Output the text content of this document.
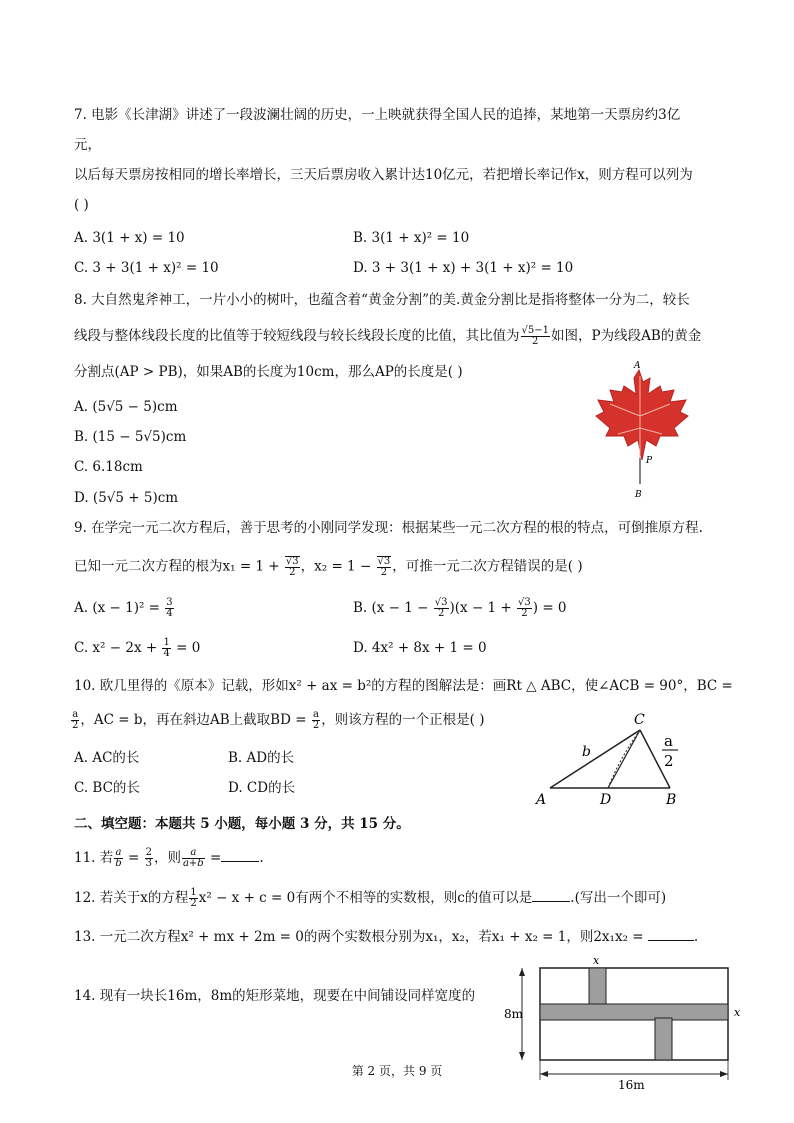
7. 电影《长津湖》讲述了一段波澜壮阔的历史，一上映就获得全国人民的追捧，某地第一天票房约3亿
元，
以后每天票房按相同的增长率增长，三天后票房收入累计达10亿元，若把增长率记作x，则方程可以列为
( )
A. 3(1 + x) = 10	B. 3(1 + x)² = 10
C. 3 + 3(1 + x)² = 10	D. 3 + 3(1 + x) + 3(1 + x)² = 10
8. 大自然鬼斧神工，一片小小的树叶，也蕴含着“黄金分割”的美.黄金分割比是指将整体一分为二，较长
线段与整体线段长度的比值等于较短线段与较长线段长度的比值，其比值为 $\frac{√5-1}{2}$ 如图，P为线段AB的黄金
分割点(AP > PB)，如果AB的长度为10cm，那么AP的长度是( )
A. (5√5 − 5)cm
B. (15 − 5√5)cm
C. 6.18cm
D. (5√5 + 5)cm
A
P
B
9. 在学完一元二次方程后，善于思考的小刚同学发现：根据某些一元二次方程的根的特点，可倒推原方程.
已知一元二次方程的根为$x_1 = 1 + \frac{√3}{2}$ ，$x_2 = 1 - \frac{√3}{2}$ ，可推一元二次方程错误的是( )
A. $(x - 1)^2 = \frac{3}{4}$	B. $(x - 1 - \frac{√3}{2} )(x - 1 + \frac{√3}{2}$ ) = 0
C. $x^2 - 2x + \frac{1}{4} = 0$	D. 4x² + 8x + 1 = 0
10. 欧几里得的《原本》记载，形如x² + ax = b²的方程的图解法是：画Rt △ ABC，使∠ACB = 90°，BC =
$\frac{a}{2}$ ，AC = b，再在斜边AB上截取BD = $\frac{a}{2}$ ，则该方程的一个正根是( )
A. AC的长	B. AD的长
C. BC的长	D. CD的长
C
b
a
2
A	D	B
二、填空题：本题共 5 小题，每小题 3 分，共 15 分。
11. 若 $\frac{a}{b} = \frac{2}{3}$ ，则 $\frac{a}{a+b}$ =	.
12. 若关于x的方程 $\frac{1}{2} x^2 - x + c = 0$有两个不相等的实数根，则c的值可以是	.(写出一个即可)
13. 一元二次方程x² + mx + 2m = 0的两个实数根分别为x₁，x₂，若x₁ + x₂ = 1，则2x₁x₂ =	.
14. 现有一块长16m，8m的矩形菜地，现要在中间铺设同样宽度的
x
x
8m
16m
第 2 页，共 9 页
